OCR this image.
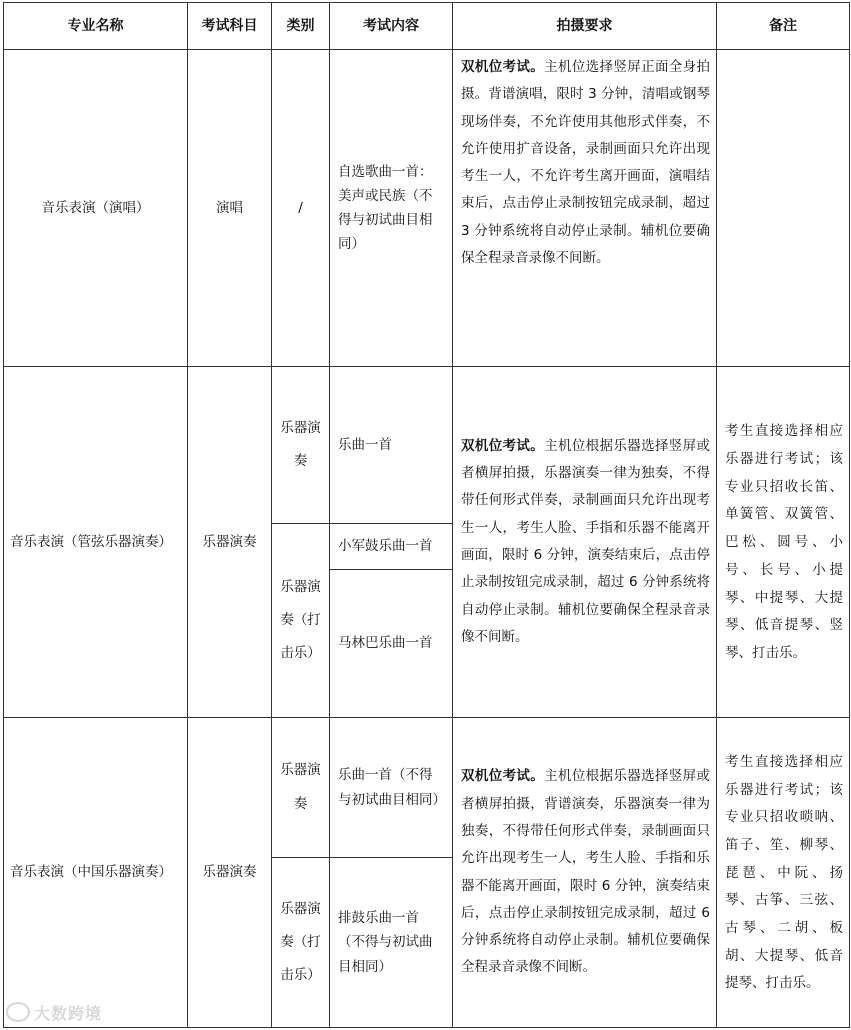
专业名称	考试科目	类别	考试内容	拍摄要求	备注
音乐表演（演唱）	演唱	/	自选歌曲一首：美声或民族（不得与初试曲目相同）	双机位考试。主机位选择竖屏正面全身拍摄。背谱演唱，限时 3 分钟，清唱或钢琴现场伴奏，不允许使用其他形式伴奏，不允许使用扩音设备，录制画面只允许出现考生一人，不允许考生离开画面，演唱结束后，点击停止录制按钮完成录制，超过 3 分钟系统将自动停止录制。辅机位要确保全程录音录像不间断。	
音乐表演（管弦乐器演奏）	乐器演奏	乐器演奏	乐曲一首	双机位考试。主机位根据乐器选择竖屏或者横屏拍摄，乐器演奏一律为独奏，不得带任何形式伴奏，录制画面只允许出现考生一人，考生人脸、手指和乐器不能离开画面，限时 6 分钟，演奏结束后，点击停止录制按钮完成录制，超过 6 分钟系统将自动停止录制。辅机位要确保全程录音录像不间断。	考生直接选择相应乐器进行考试；该专业只招收长笛、单簧管、双簧管、巴松、圆号、小号、长号、小提琴、中提琴、大提琴、低音提琴、竖琴、打击乐。
		乐器演奏（打击乐）	小军鼓乐曲一首		
			马林巴乐曲一首		
音乐表演（中国乐器演奏）	乐器演奏	乐器演奏	乐曲一首（不得与初试曲目相同）	双机位考试。主机位根据乐器选择竖屏或者横屏拍摄，背谱演奏，乐器演奏一律为独奏，不得带任何形式伴奏，录制画面只允许出现考生一人，考生人脸、手指和乐器不能离开画面，限时 6 分钟，演奏结束后，点击停止录制按钮完成录制，超过 6 分钟系统将自动停止录制。辅机位要确保全程录音录像不间断。	考生直接选择相应乐器进行考试；该专业只招收唢呐、笛子、笙、柳琴、琵琶、中阮、扬琴、古筝、三弦、古琴、二胡、板胡、大提琴、低音提琴、打击乐。
		乐器演奏（打击乐）	排鼓乐曲一首（不得与初试曲目相同）		
大数跨境
